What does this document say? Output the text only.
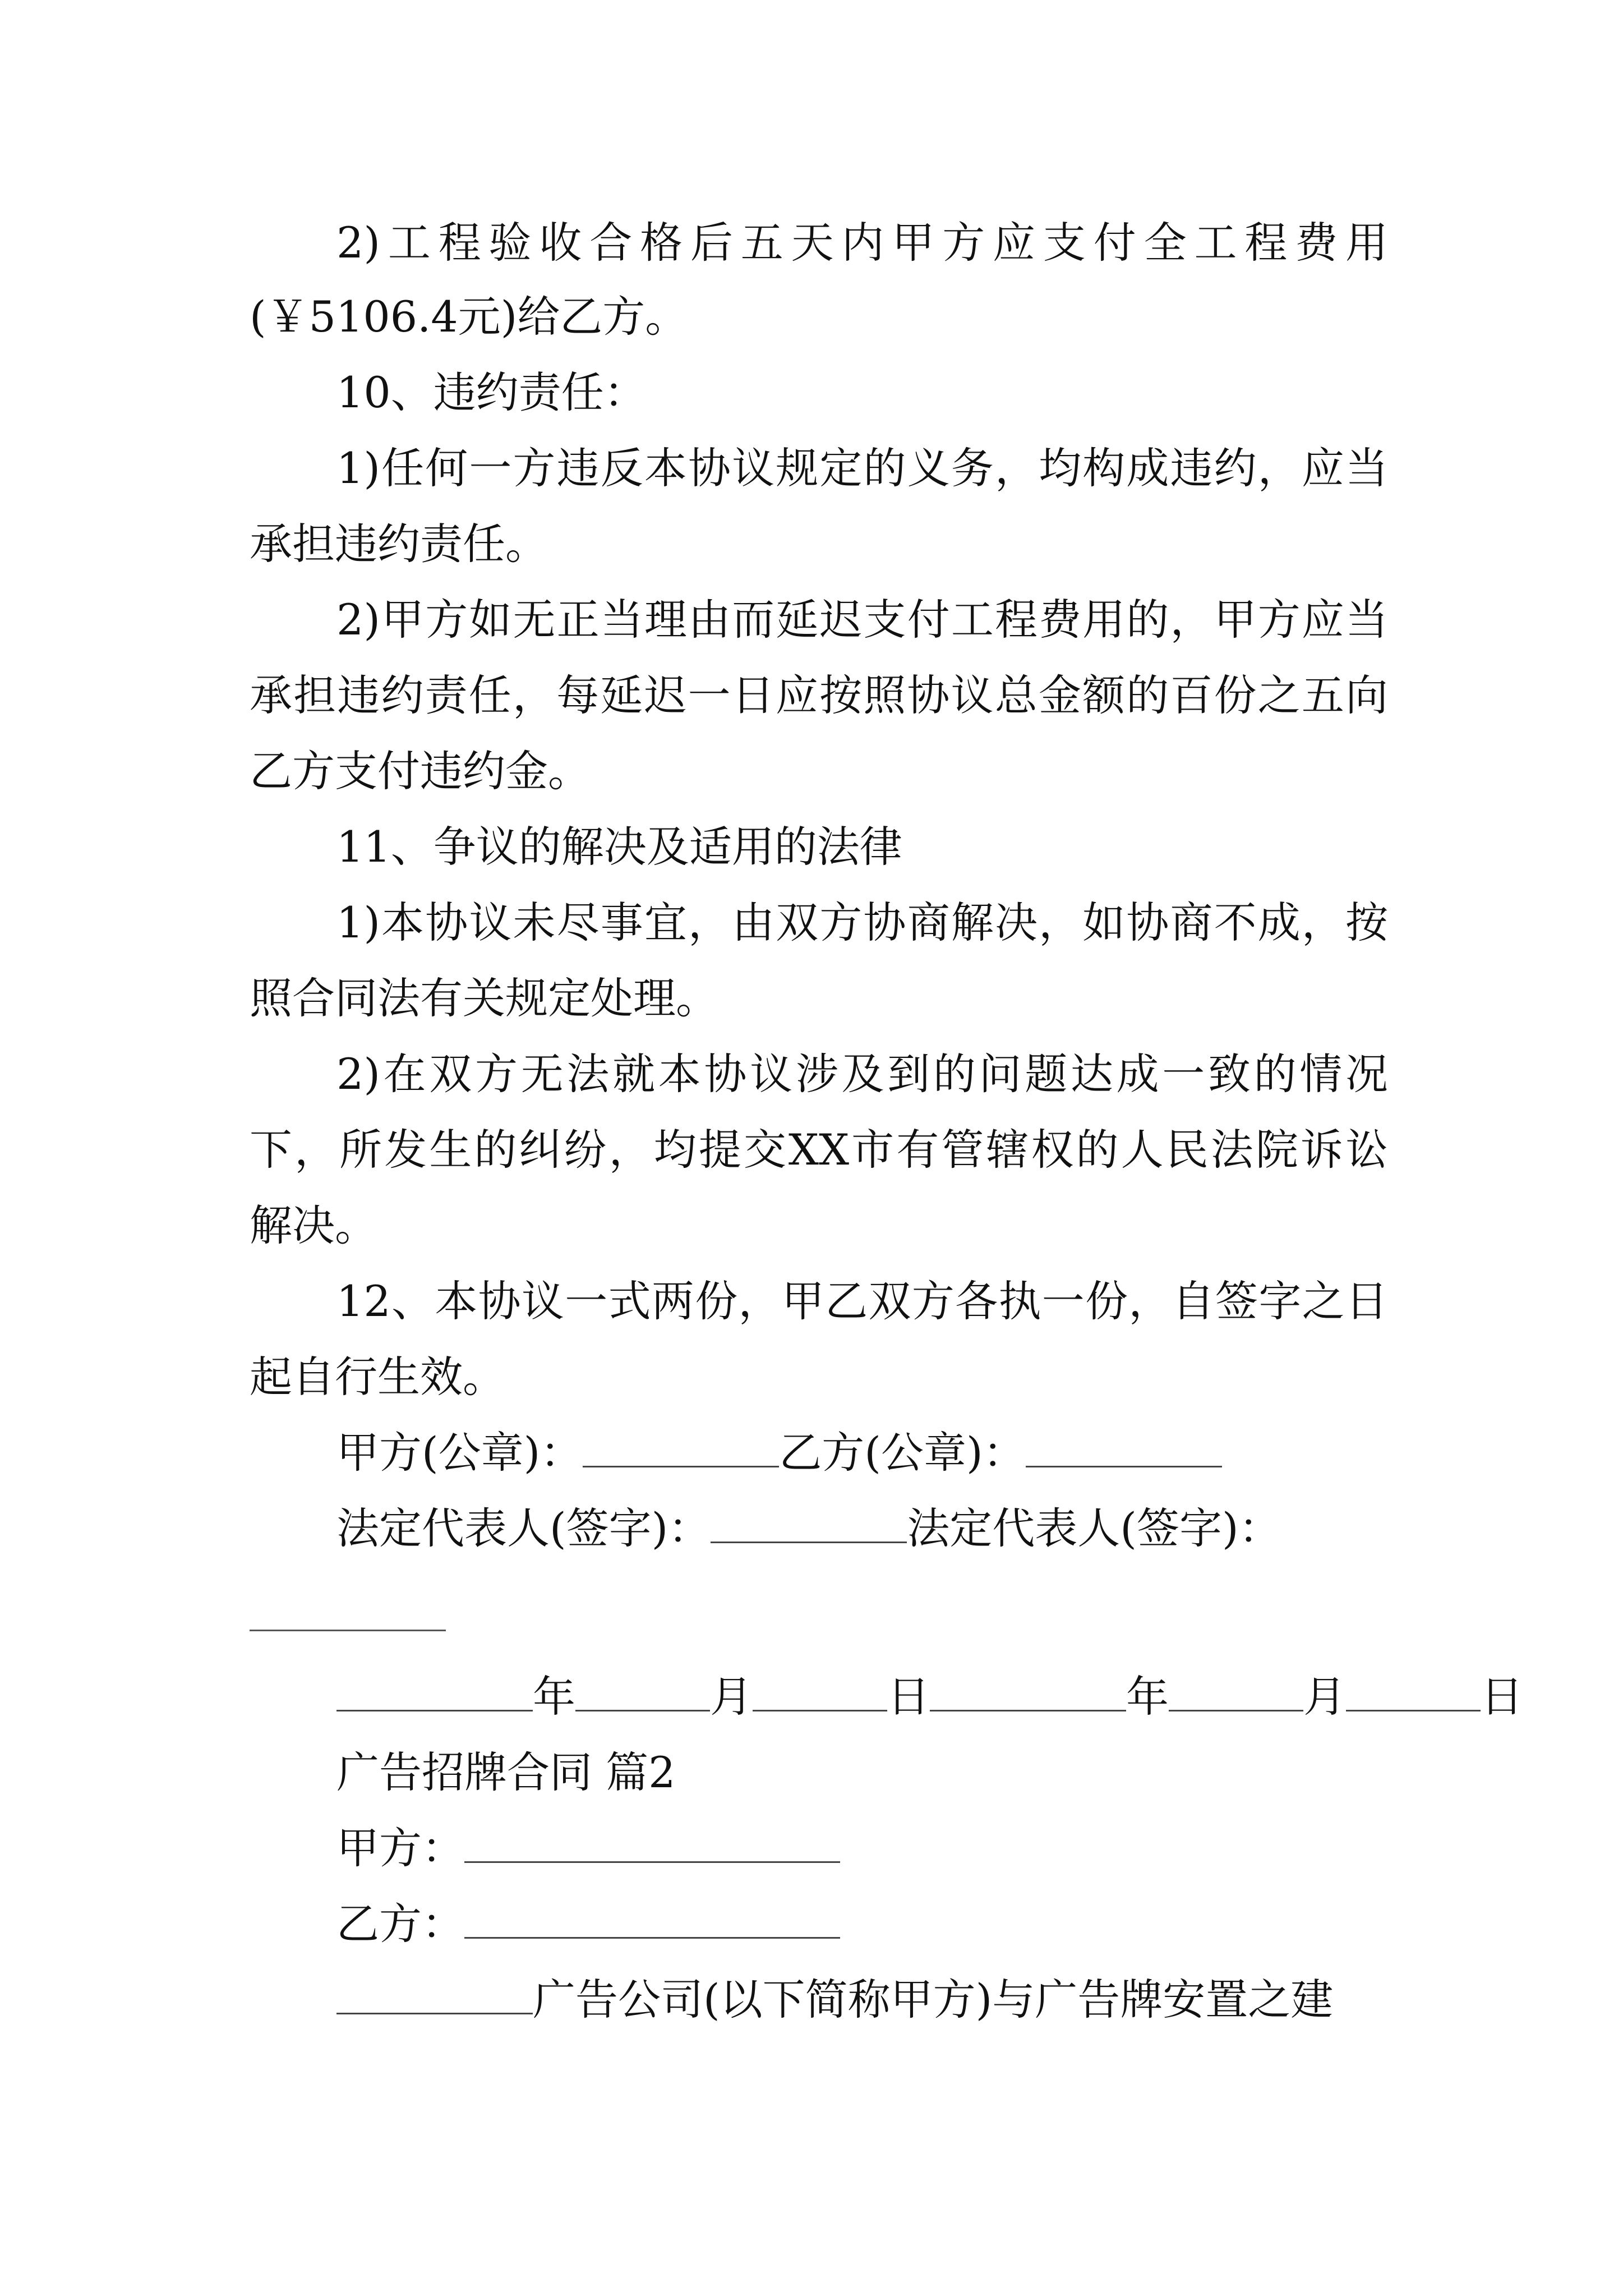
2)工程验收合格后五天内甲方应支付全工程费用
(￥5106.4元)给乙方。
10、违约责任：
1)任何一方违反本协议规定的义务，均构成违约，应当
承担违约责任。
2)甲方如无正当理由而延迟支付工程费用的，甲方应当
承担违约责任，每延迟一日应按照协议总金额的百份之五向
乙方支付违约金。
11、争议的解决及适用的法律
1)本协议未尽事宜，由双方协商解决，如协商不成，按
照合同法有关规定处理。
2)在双方无法就本协议涉及到的问题达成一致的情况
下，所发生的纠纷，均提交XX市有管辖权的人民法院诉讼
解决。
12、本协议一式两份，甲乙双方各执一份，自签字之日
起自行生效。
甲方(公章)：	乙方(公章)：
法定代表人(签字)：	法定代表人(签字)：
年	月	日	年	月	日
广告招牌合同 篇2
甲方：
乙方：
广告公司(以下简称甲方)与广告牌安置之建
